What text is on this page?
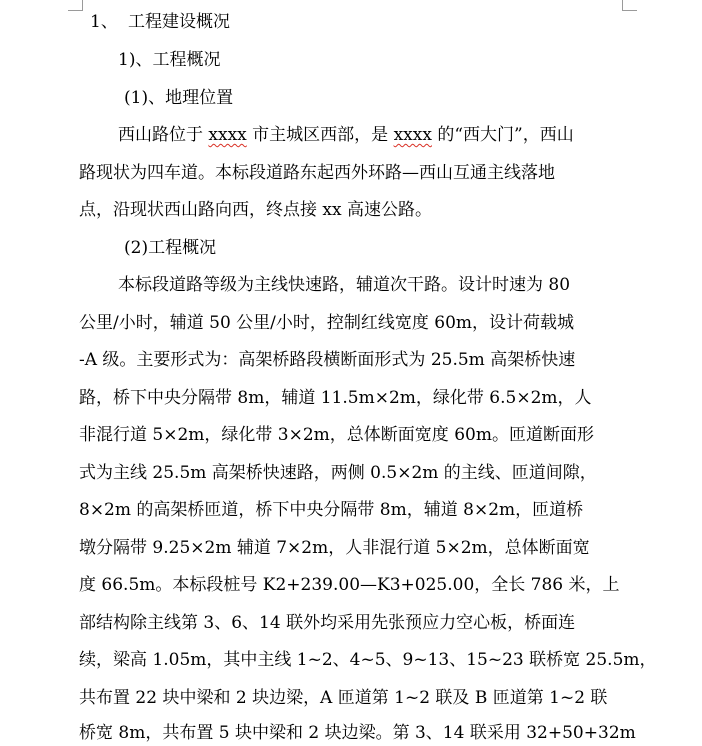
1、 工程建设概况
1)、工程概况
(1)、地理位置
西山路位于 xxxx 市主城区西部，是 xxxx 的“西大门”，西山
路现状为四车道。本标段道路东起西外环路—西山互通主线落地
点，沿现状西山路向西，终点接 xx 高速公路。
(2)工程概况
本标段道路等级为主线快速路，辅道次干路。设计时速为 80
公里/小时，辅道 50 公里/小时，控制红线宽度 60m，设计荷载城
-A 级。主要形式为：高架桥路段横断面形式为 25.5m 高架桥快速
路，桥下中央分隔带 8m，辅道 11.5m×2m，绿化带 6.5×2m，人
非混行道 5×2m，绿化带 3×2m，总体断面宽度 60m。匝道断面形
式为主线 25.5m 高架桥快速路，两侧 0.5×2m 的主线、匝道间隙，
8×2m 的高架桥匝道，桥下中央分隔带 8m，辅道 8×2m，匝道桥
墩分隔带 9.25×2m 辅道 7×2m，人非混行道 5×2m，总体断面宽
度 66.5m。本标段桩号 K2+239.00—K3+025.00，全长 786 米，上
部结构除主线第 3、6、14 联外均采用先张预应力空心板，桥面连
续，梁高 1.05m，其中主线 1~2、4~5、9~13、15~23 联桥宽 25.5m，
共布置 22 块中梁和 2 块边梁，A 匝道第 1~2 联及 B 匝道第 1~2 联
桥宽 8m，共布置 5 块中梁和 2 块边梁。第 3、14 联采用 32+50+32m
